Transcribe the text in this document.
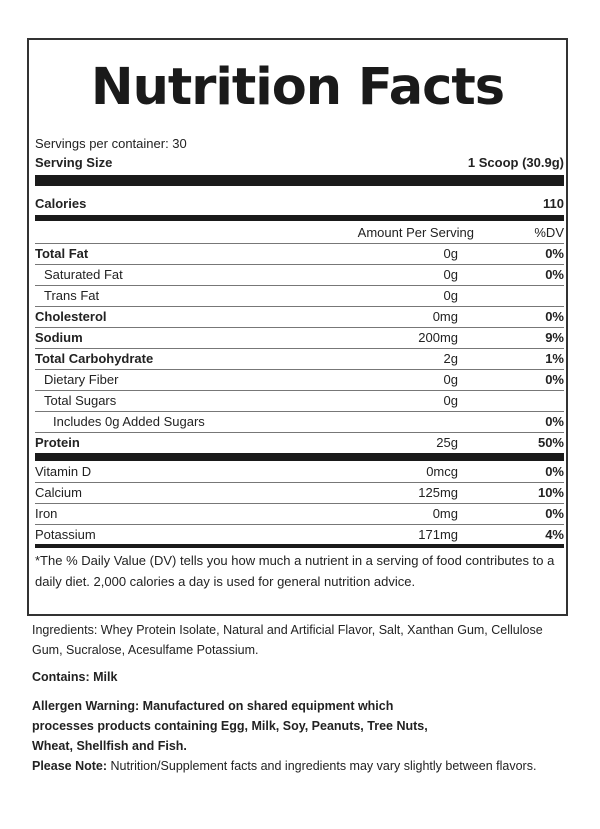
Nutrition Facts
Servings per container: 30
Serving Size	1 Scoop (30.9g)
Calories	110
Amount Per Serving	%DV
Total Fat	0g	0%
Saturated Fat	0g	0%
Trans Fat	0g
Cholesterol	0mg	0%
Sodium	200mg	9%
Total Carbohydrate	2g	1%
Dietary Fiber	0g	0%
Total Sugars	0g
Includes 0g Added Sugars	0%
Protein	25g	50%
Vitamin D	0mcg	0%
Calcium	125mg	10%
Iron	0mg	0%
Potassium	171mg	4%
*The % Daily Value (DV) tells you how much a nutrient in a serving of food contributes to a daily diet. 2,000 calories a day is used for general nutrition advice.
Ingredients: Whey Protein Isolate, Natural and Artificial Flavor, Salt, Xanthan Gum, Cellulose Gum, Sucralose, Acesulfame Potassium.
Contains: Milk
Allergen Warning: Manufactured on shared equipment which processes products containing Egg, Milk, Soy, Peanuts, Tree Nuts, Wheat, Shellfish and Fish.
Please Note: Nutrition/Supplement facts and ingredients may vary slightly between flavors.
